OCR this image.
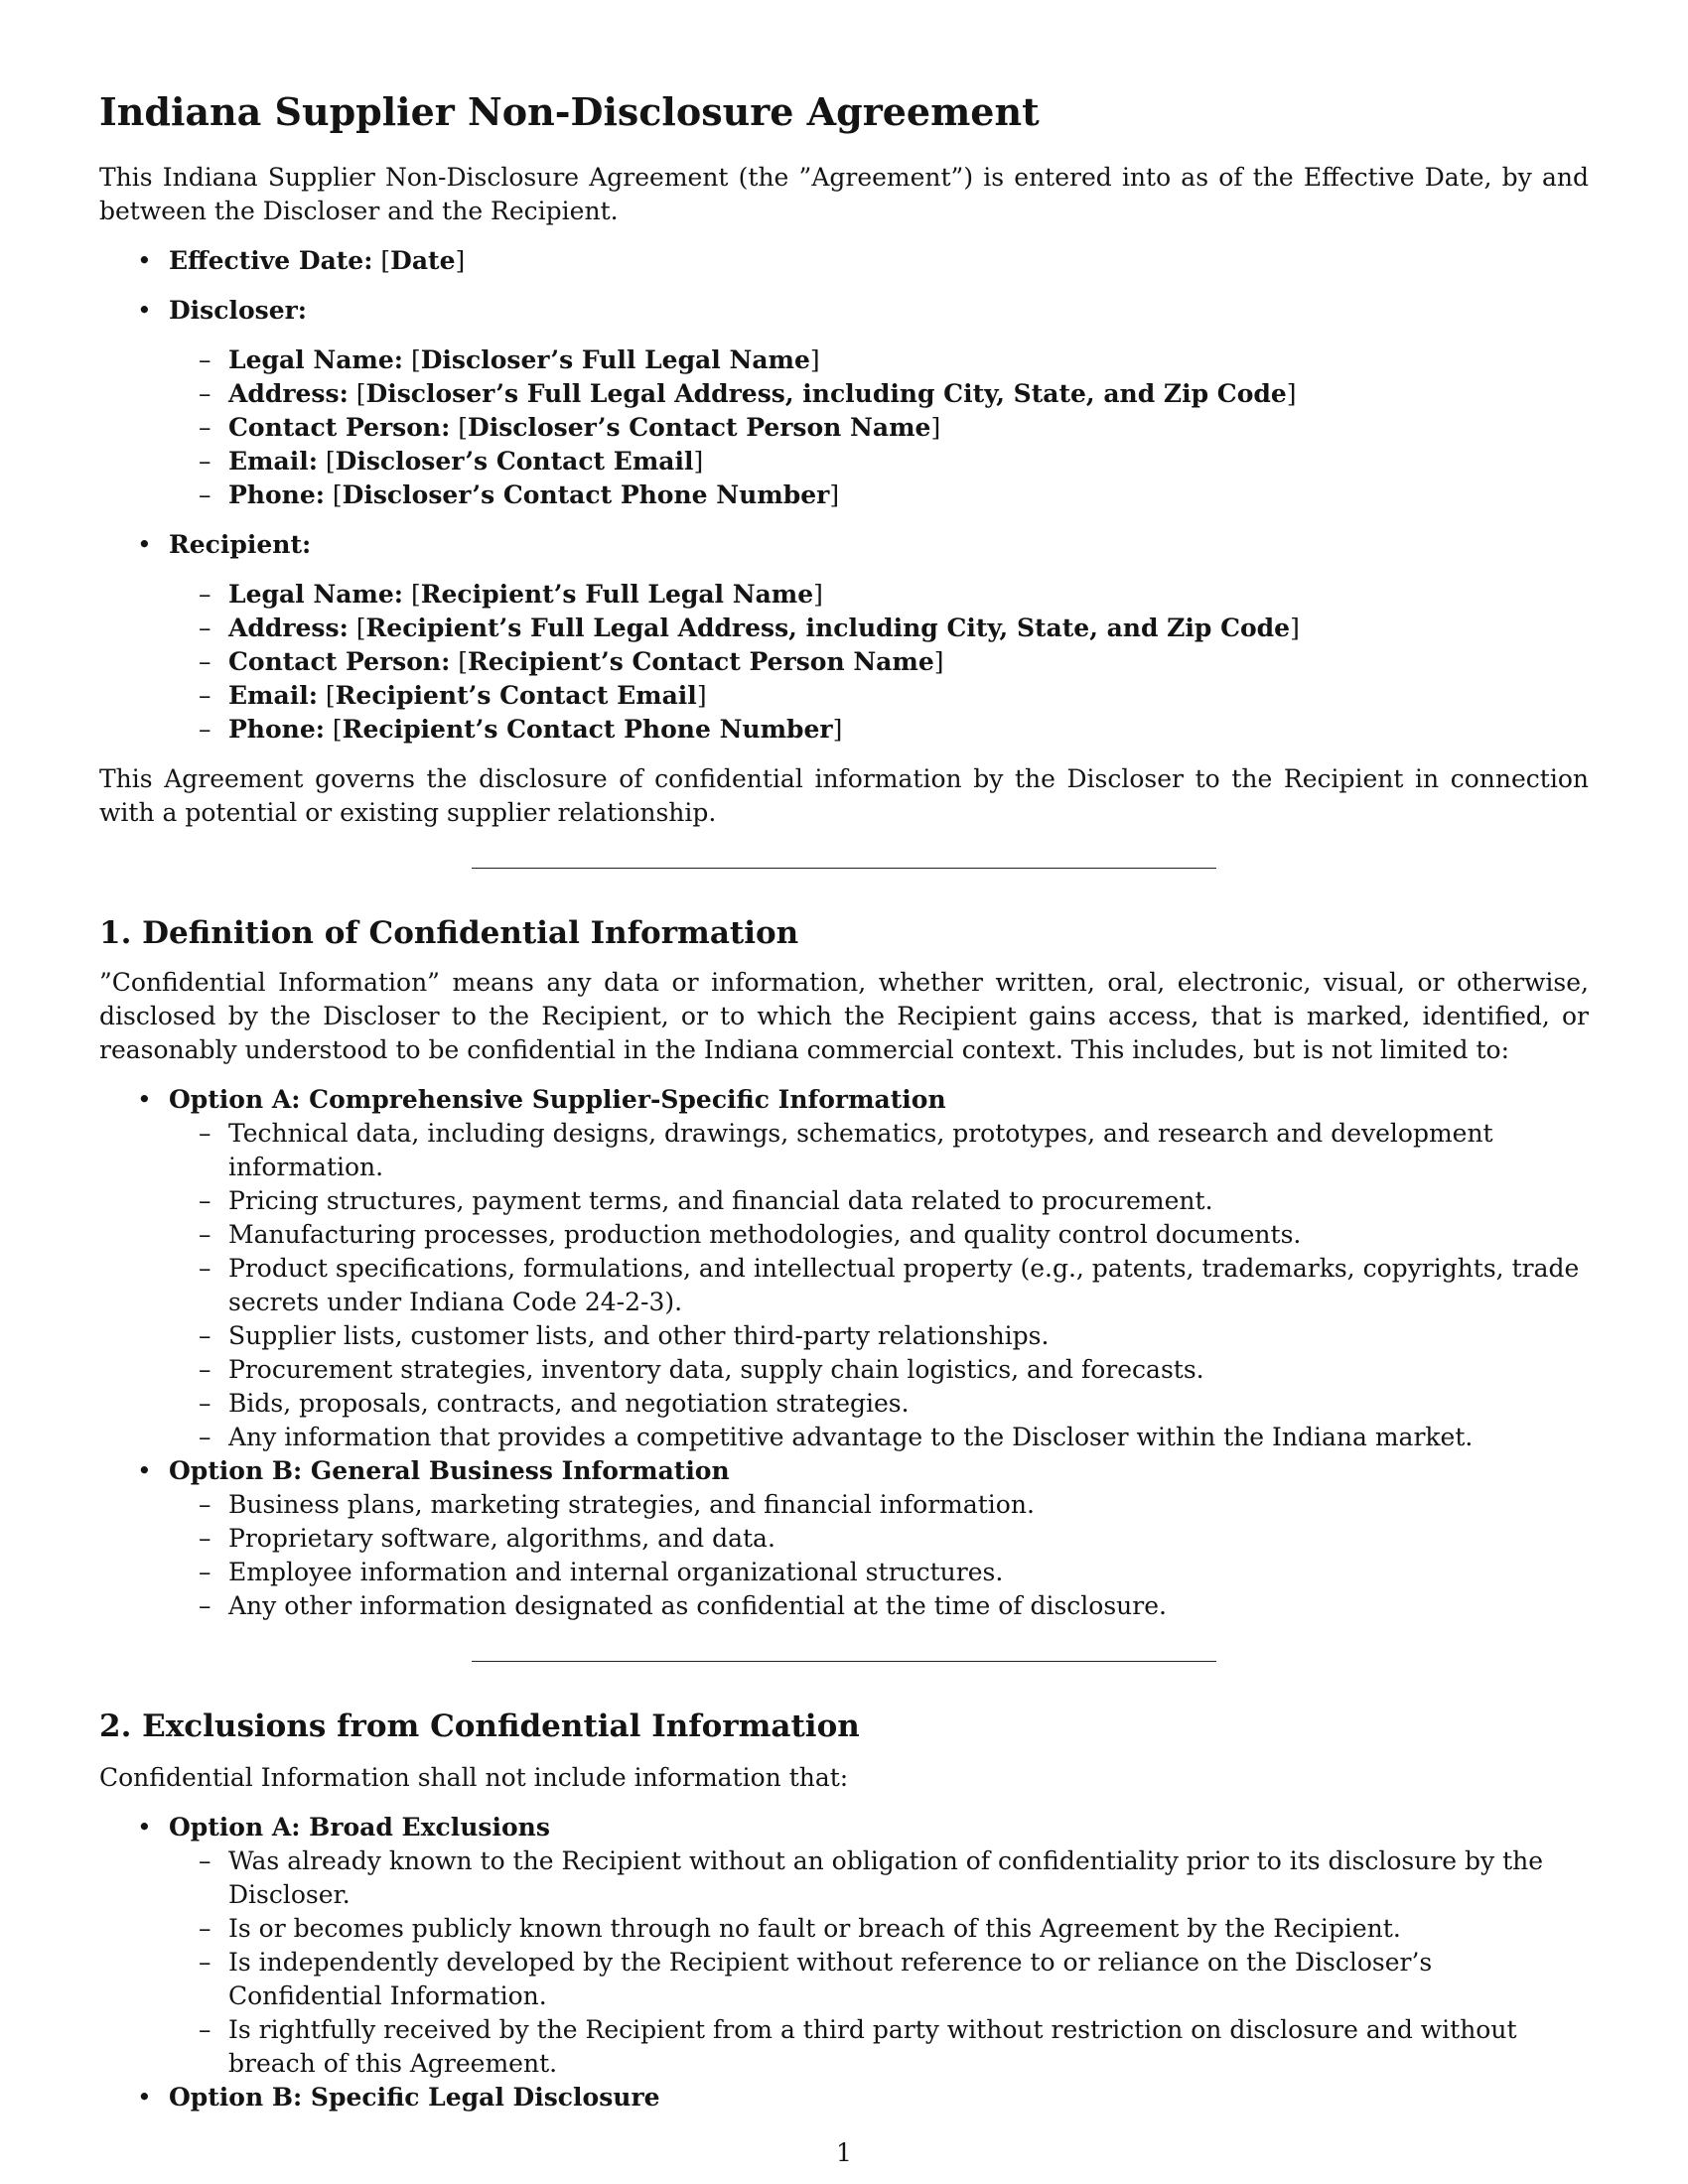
Indiana Supplier Non-Disclosure Agreement

This Indiana Supplier Non-Disclosure Agreement (the ”Agreement”) is entered into as of the Effective Date, by and between the Discloser and the Recipient.

• Effective Date: [Date]
• Discloser:
– Legal Name: [Discloser’s Full Legal Name]
– Address: [Discloser’s Full Legal Address, including City, State, and Zip Code]
– Contact Person: [Discloser’s Contact Person Name]
– Email: [Discloser’s Contact Email]
– Phone: [Discloser’s Contact Phone Number]
• Recipient:
– Legal Name: [Recipient’s Full Legal Name]
– Address: [Recipient’s Full Legal Address, including City, State, and Zip Code]
– Contact Person: [Recipient’s Contact Person Name]
– Email: [Recipient’s Contact Email]
– Phone: [Recipient’s Contact Phone Number]

This Agreement governs the disclosure of confidential information by the Discloser to the Recipient in connection with a potential or existing supplier relationship.

1. Definition of Confidential Information

”Confidential Information” means any data or information, whether written, oral, electronic, visual, or otherwise, disclosed by the Discloser to the Recipient, or to which the Recipient gains access, that is marked, identified, or reasonably understood to be confidential in the Indiana commercial context. This includes, but is not limited to:

• Option A: Comprehensive Supplier-Specific Information
– Technical data, including designs, drawings, schematics, prototypes, and research and development information.
– Pricing structures, payment terms, and financial data related to procurement.
– Manufacturing processes, production methodologies, and quality control documents.
– Product specifications, formulations, and intellectual property (e.g., patents, trademarks, copyrights, trade secrets under Indiana Code 24-2-3).
– Supplier lists, customer lists, and other third-party relationships.
– Procurement strategies, inventory data, supply chain logistics, and forecasts.
– Bids, proposals, contracts, and negotiation strategies.
– Any information that provides a competitive advantage to the Discloser within the Indiana market.
• Option B: General Business Information
– Business plans, marketing strategies, and financial information.
– Proprietary software, algorithms, and data.
– Employee information and internal organizational structures.
– Any other information designated as confidential at the time of disclosure.
2. Exclusions from Confidential Information

Confidential Information shall not include information that:

• Option A: Broad Exclusions
– Was already known to the Recipient without an obligation of confidentiality prior to its disclosure by the Discloser.
– Is or becomes publicly known through no fault or breach of this Agreement by the Recipient.
– Is independently developed by the Recipient without reference to or reliance on the Discloser’s Confidential Information.
– Is rightfully received by the Recipient from a third party without restriction on disclosure and without breach of this Agreement.
• Option B: Specific Legal Disclosure
1
